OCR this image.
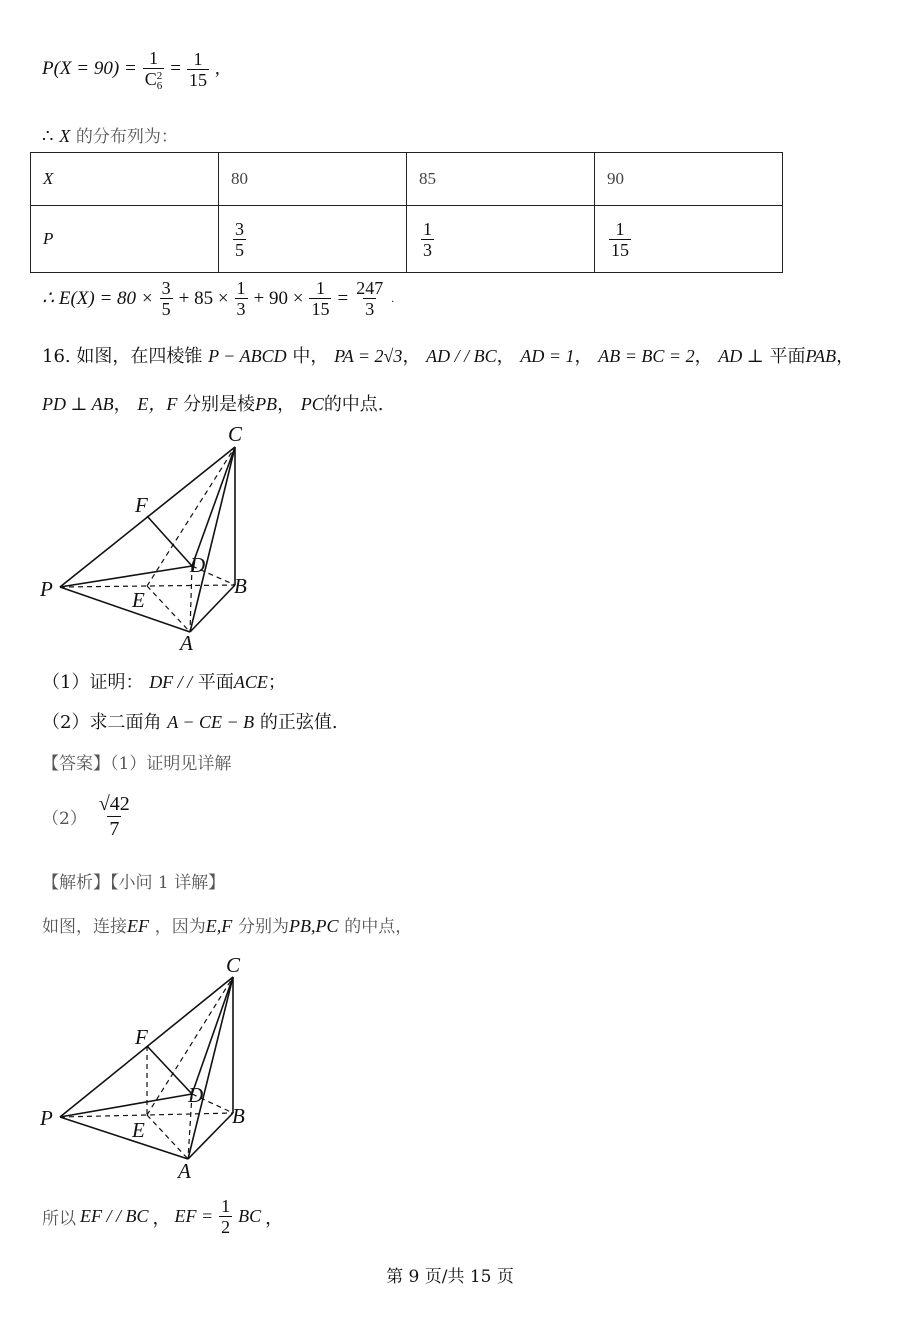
P(X = 90) = 1
C 2
$6 = \frac{1}{15}$ ,
∴ X 的分布列为：
X	80	85	90
P	$\frac{3}{5}$	$\frac{1}{3}$	$\frac{1}{15}$
∴ $E(X) = 80 \times \frac{3}{5} + 85 \times \frac{1}{3} + 90 \times \frac{1}{15} = \frac{247}{3}$ .
16. 如图，在四棱锥 P − ABCD 中， PA = 2√3， AD / / BC， AD = 1， AB = BC = 2， AD ⊥ 平面PAB，
PD ⊥ AB， E，F 分别是棱PB， PC的中点.
C
F
D
P	E
B
A
（1）证明： DF / / 平面ACE；
（2）求二面角 A − CE − B 的正弦值.
【答案】（1）证明见详解
$(2) \frac{√42}{7}$
【解析】【小问 1 详解】
如图，连接EF ，因为E,F 分别为PB,PC 的中点，
C
F
D
P	E
B
A
所以 EF / / BC ， EF = $\frac{1}{2}$ BC ，
第 9 页/共 15 页
